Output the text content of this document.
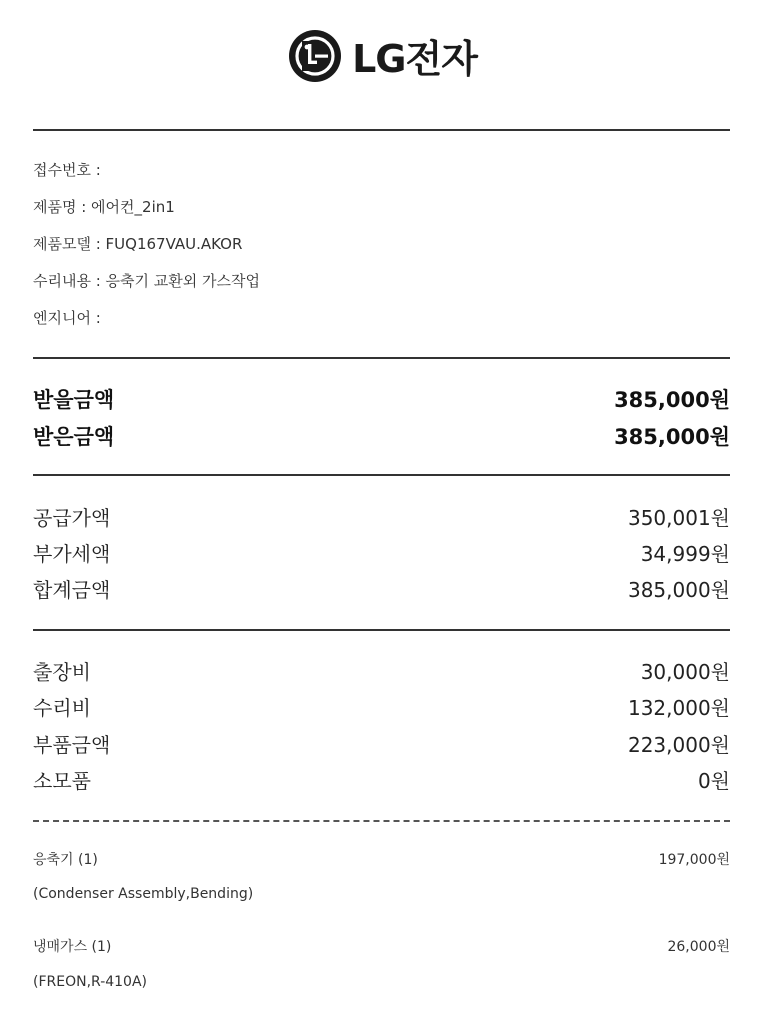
LG전자
접수번호 :
제품명 : 에어컨_2in1
제품모델 : FUQ167VAU.AKOR
수리내용 : 응축기 교환외 가스작업
엔지니어 :
받을금액	385,000원
받은금액	385,000원
공급가액	350,001원
부가세액	34,999원
합계금액	385,000원
출장비	30,000원
수리비	132,000원
부품금액	223,000원
소모품	0원
응축기 (1)	197,000원
(Condenser Assembly,Bending)
냉매가스 (1)	26,000원
(FREON,R-410A)
